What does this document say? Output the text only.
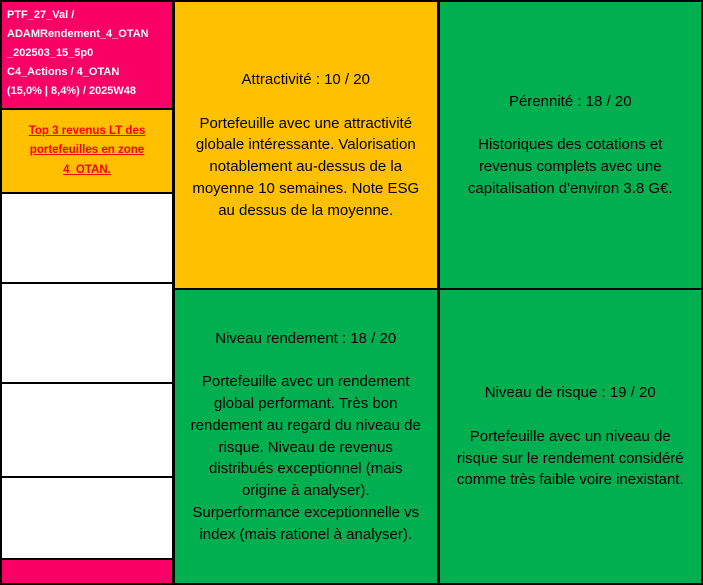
PTF_27_Val /
ADAMRendement_4_OTAN
_202503_15_5p0
C4_Actions / 4_OTAN
(15,0% | 8,4%) / 2025W48
Top 3 revenus LT des portefeuilles en zone 4_OTAN.
Attractivité : 10 / 20
Portefeuille avec une attractivité globale intéressante. Valorisation notablement au-dessus de la moyenne 10 semaines. Note ESG au dessus de la moyenne.
Niveau rendement : 18 / 20
Portefeuille avec un rendement global performant. Très bon rendement au regard du niveau de risque. Niveau de revenus distribués exceptionnel (mais origine à analyser). Surperformance exceptionnelle vs index (mais rationel à analyser).
Pérennité : 18 / 20
Historiques des cotations et revenus complets avec une capitalisation d'environ 3.8 G€.
Niveau de risque : 19 / 20
Portefeuille avec un niveau de risque sur le rendement considéré comme très faible voire inexistant.
